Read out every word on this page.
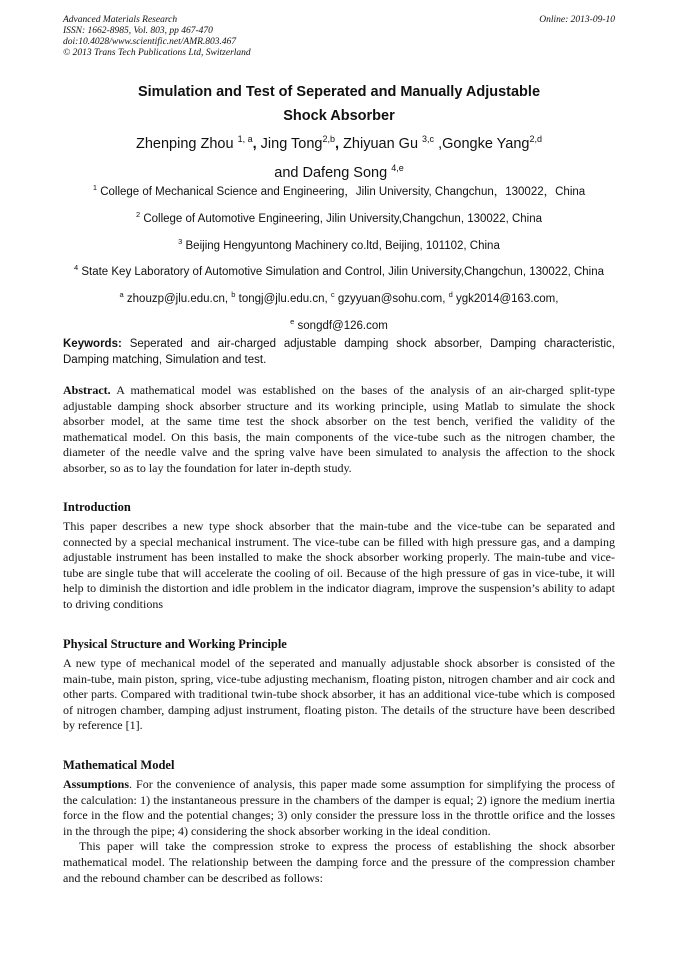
Advanced Materials Research
ISSN: 1662-8985, Vol. 803, pp 467-470
doi:10.4028/www.scientific.net/AMR.803.467
© 2013 Trans Tech Publications Ltd, Switzerland
Online: 2013-09-10
Simulation and Test of Seperated and Manually Adjustable
Shock Absorber
Zhenping Zhou $^{1, a}$, Jing Tong$^{2,b}$, Zhiyuan Gu $^{3,c}$ ,Gongke Yang$^{2,d}$
and Dafeng Song $^{4,e}$

$^1$ College of Mechanical Science and Engineering，Jilin University, Changchun，130022，China

$^2$ College of Automotive Engineering, Jilin University,Changchun, 130022, China

$^3$ Beijing Hengyuntong Machinery co.ltd, Beijing, 101102, China

$^4$ State Key Laboratory of Automotive Simulation and Control, Jilin University,Changchun, 130022, China

$^a$ zhouzp@jlu.edu.cn, $^b$ tongj@jlu.edu.cn, $^c$ gzyyuan@sohu.com, $^d$ ygk2014@163.com,

$^e$ songdf@126.com

Keywords: Seperated and air-charged adjustable damping shock absorber, Damping characteristic, Damping matching, Simulation and test.

Abstract. A mathematical model was established on the bases of the analysis of an air-charged split-type adjustable damping shock absorber structure and its working principle, using Matlab to simulate the shock absorber model, at the same time test the shock absorber on the test bench, verified the validity of the mathematical model. On this basis, the main components of the vice-tube such as the nitrogen chamber, the diameter of the needle valve and the spring valve have been simulated to analysis the affection to the shock absorber, so as to lay the foundation for later in-depth study.

Introduction

This paper describes a new type shock absorber that the main-tube and the vice-tube can be separated and connected by a special mechanical instrument. The vice-tube can be filled with high pressure gas, and a damping adjustable instrument has been installed to make the shock absorber working properly. The main-tube and vice-tube are single tube that will accelerate the cooling of oil. Because of the high pressure of gas in vice-tube, it will help to diminish the distortion and idle problem in the indicator diagram, improve the suspension’s ability to adapt to driving conditions

Physical Structure and Working Principle

A new type of mechanical model of the seperated and manually adjustable shock absorber is consisted of the main-tube, main piston, spring, vice-tube adjusting mechanism, floating piston, nitrogen chamber and air cock and other parts. Compared with traditional twin-tube shock absorber, it has an additional vice-tube which is composed of nitrogen chamber, damping adjust instrument, floating piston. The details of the structure have been described by reference [1].

Mathematical Model

Assumptions. For the convenience of analysis, this paper made some assumption for simplifying the process of the calculation: 1) the instantaneous pressure in the chambers of the damper is equal; 2) ignore the medium inertia force in the flow and the potential changes; 3) only consider the pressure loss in the throttle orifice and the losses in the through the pipe; 4) considering the shock absorber working in the ideal condition.

This paper will take the compression stroke to express the process of establishing the shock absorber mathematical model. The relationship between the damping force and the pressure of the compression chamber and the rebound chamber can be described as follows:
